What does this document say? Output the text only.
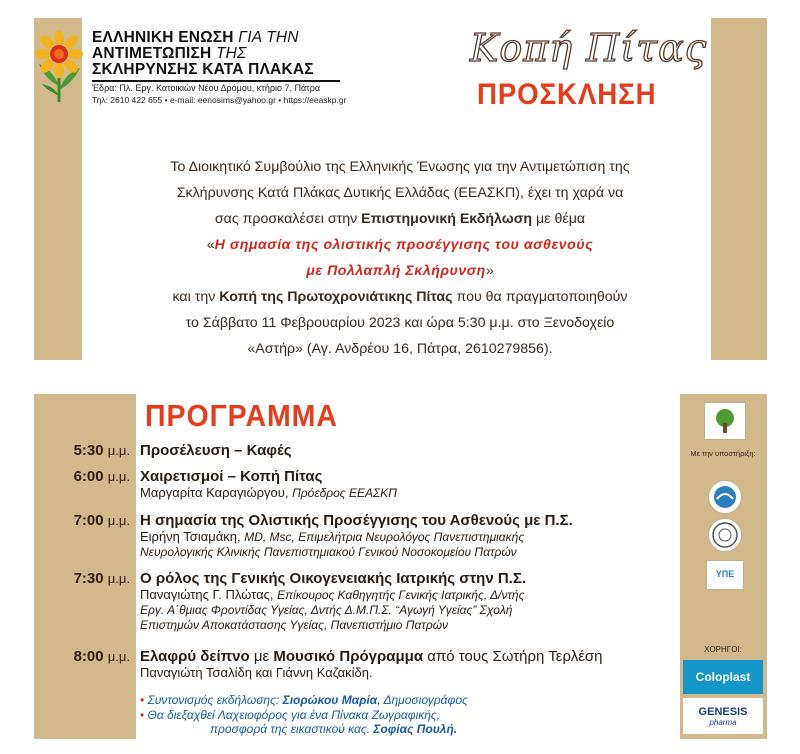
ΕΛΛΗΝΙΚΗ ΕΝΩΣΗ ΓΙΑ ΤΗΝ
ΑΝΤΙΜΕΤΩΠΙΣΗ ΤΗΣ
ΣΚΛΗΡΥΝΣΗΣ ΚΑΤΑ ΠΛΑΚΑΣ
Έδρα: Πλ. Εργ. Κατοικιών Νέου Δρόμου, κτήριο 7, Πάτρα
Τηλ: 2610 422 655 • e-mail: eenosims@yahoo.gr • https://eeaskp.gr
Κοπή Πίτας
ΠΡΟΣΚΛΗΣΗ
Το Διοικητικό Συμβούλιο της Ελληνικής Ένωσης για την Αντιμετώπιση της
Σκλήρυνσης Κατά Πλάκας Δυτικής Ελλάδας (ΕΕΑΣΚΠ), έχει τη χαρά να
σας προσκαλέσει στην Επιστημονική Εκδήλωση με θέμα
«Η σημασία της ολιστικής προσέγγισης του ασθενούς
με Πολλαπλή Σκλήρυνση»
και την Κοπή της Πρωτοχρονιάτικης Πίτας που θα πραγματοποιηθούν
το Σάββατο 11 Φεβρουαρίου 2023 και ώρα 5:30 μ.μ. στο Ξενοδοχείο
«Αστήρ» (Αγ. Ανδρέου 16, Πάτρα, 2610279856).
ΠΡΟΓΡΑΜΜΑ
5:30 μ.μ. Προσέλευση – Καφές
6:00 μ.μ. Χαιρετισμοί – Κοπή Πίτας
Μαργαρίτα Καραγιώργου, Πρόεδρος ΕΕΑΣΚΠ
7:00 μ.μ. Η σημασία της Ολιστικής Προσέγγισης του Ασθενούς με Π.Σ.
Ειρήνη Τσιαμάκη, MD, Msc, Επιμελήτρια Νευρολόγος Πανεπιστημιακής
Νευρολογικής Κλινικής Πανεπιστημιακού Γενικού Νοσοκομείου Πατρών
7:30 μ.μ. Ο ρόλος της Γενικής Οικογενειακής Ιατρικής στην Π.Σ.
Παναγιώτης Γ. Πλώτας, Επίκουρος Καθηγητής Γενικής Ιατρικής, Δ/ντής
Εργ. Α΄θμιας Φροντίδας Υγείας, Δντής Δ.Μ.Π.Σ. “Αγωγή Υγείας” Σχολή
Επιστημών Αποκατάστασης Υγείας, Πανεπιστήμιο Πατρών
8:00 μ.μ. Ελαφρύ δείπνο με Μουσικό Πρόγραμμα από τους Σωτήρη Τερλέση
Παναγιώτη Τσαλίδη και Γιάννη Καζακίδη.
• Συντονισμός εκδήλωσης: Σιορώκου Μαρία, Δημοσιογράφος
• Θα διεξαχθεί Λαχειοφόρος για ένα Πίνακα Ζωγραφικής,
προσφορά της εικαστικού κας. Σοφίας Πουλή.
Με την υποστήριξη:
ΥΠΕ
ΧΟΡΗΓΟΙ:
Coloplast
GENESIS
pharma
